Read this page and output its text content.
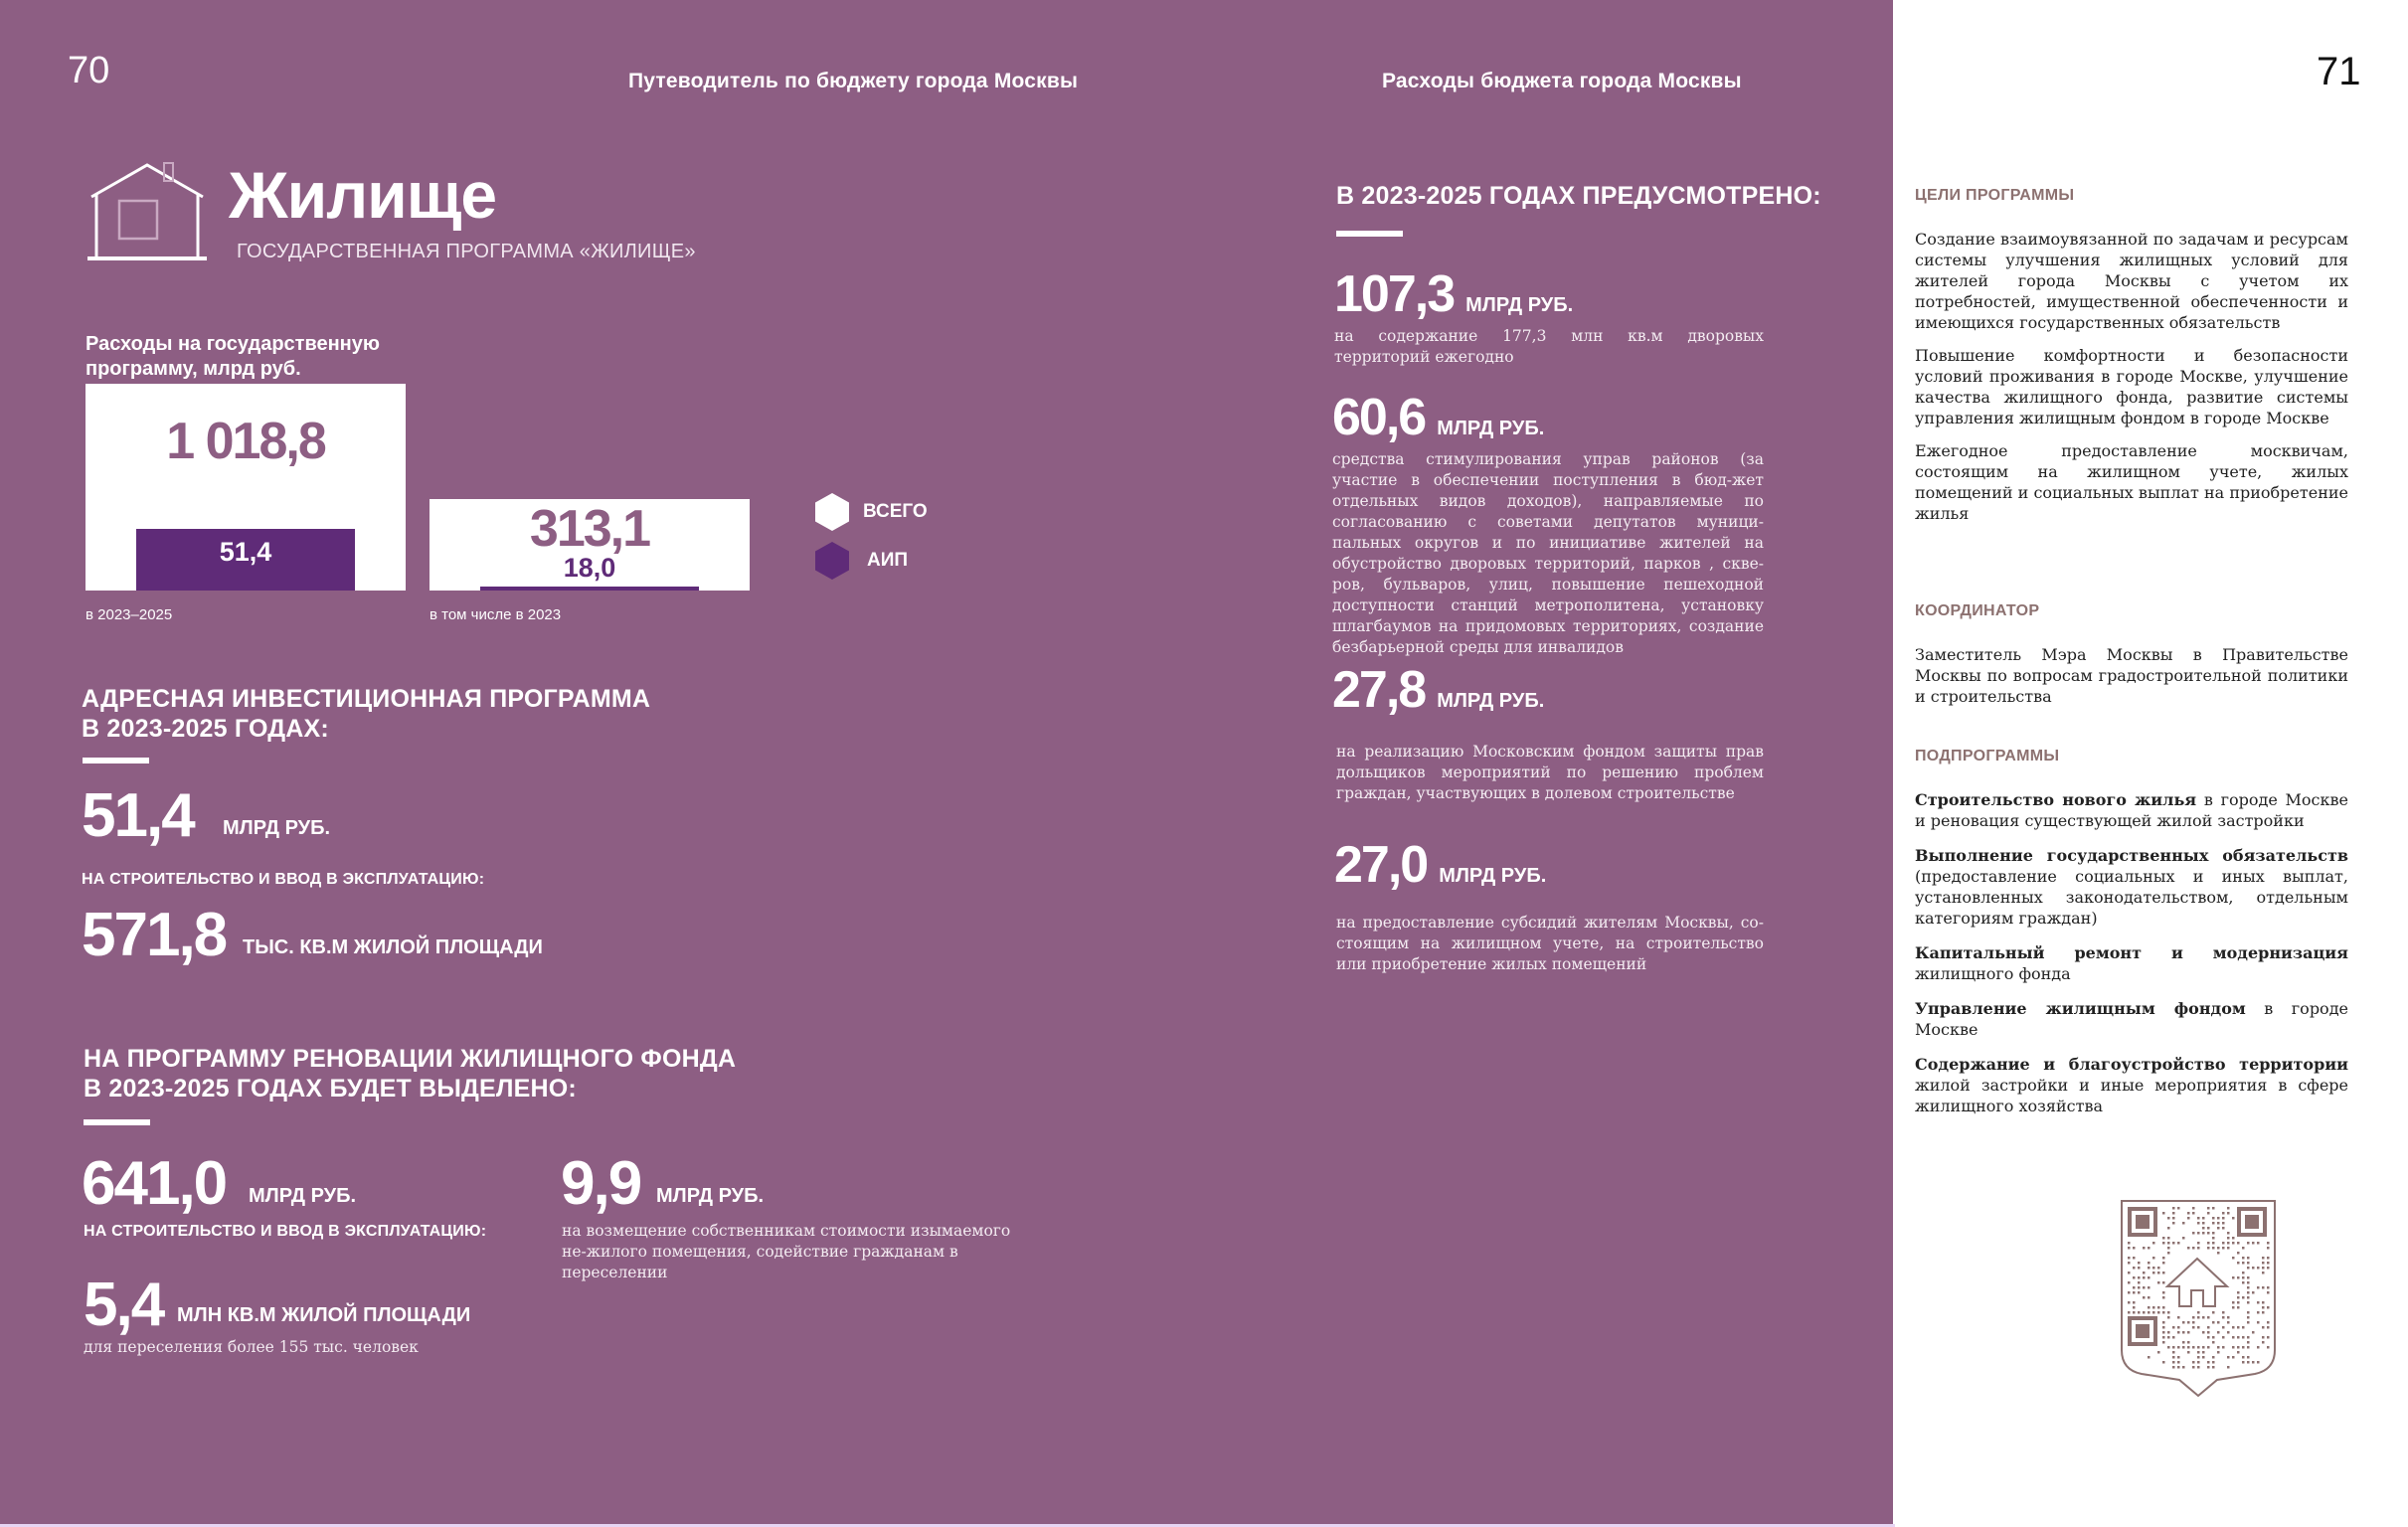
70	Путеводитель по бюджету города Москвы	Расходы бюджета города Москвы
Жилище
ГОСУДАРСТВЕННАЯ ПРОГРАММА «ЖИЛИЩЕ»
Расходы на государственную программу, млрд руб.
1 018,8
51,4	313,1
18,0
в 2023–2025	в том числе в 2023
ВСЕГО
АИП
АДРЕСНАЯ ИНВЕСТИЦИОННАЯ ПРОГРАММА
В 2023-2025 ГОДАХ:
51,4 МЛРД РУБ.
НА СТРОИТЕЛЬСТВО И ВВОД В ЭКСПЛУАТАЦИЮ:
571,8 ТЫС. КВ.М ЖИЛОЙ ПЛОЩАДИ
НА ПРОГРАММУ РЕНОВАЦИИ ЖИЛИЩНОГО ФОНДА
В 2023-2025 ГОДАХ БУДЕТ ВЫДЕЛЕНО:
641,0 МЛРД РУБ.
НА СТРОИТЕЛЬСТВО И ВВОД В ЭКСПЛУАТАЦИЮ:
9,9 МЛРД РУБ.
на возмещение собственникам стоимости изымаемого не-жилого помещения, содействие гражданам в переселении
5,4 МЛН КВ.М ЖИЛОЙ ПЛОЩАДИ
для переселения более 155 тыс. человек
В 2023-2025 ГОДАХ ПРЕДУСМОТРЕНО:
107,3 МЛРД РУБ.
на содержание 177,3 млн кв.м дворовых территорий ежегодно
60,6 МЛРД РУБ.
средства стимулирования управ районов (за участие в обеспечении поступления в бюд-жет отдельных видов доходов), направляемые по согласованию с советами депутатов муници-пальных округов и по инициативе жителей на обустройство дворовых территорий, парков , скве-ров, бульваров, улиц, повышение пешеходной доступности станций метрополитена, установку шлагбаумов на придомовых территориях, создание безбарьерной среды для инвалидов
27,8 МЛРД РУБ.
на реализацию Московским фондом защиты прав дольщиков мероприятий по решению проблем граждан, участвующих в долевом строительстве
27,0 МЛРД РУБ.
на предоставление субсидий жителям Москвы, со-стоящим на жилищном учете, на строительство или приобретение жилых помещений
71
ЦЕЛИ ПРОГРАММЫ
Создание взаимоувязанной по задачам и ресурсам системы улучшения жилищных условий для жителей города Москвы с учетом их потребностей, имущественной обеспеченности и имеющихся государственных обязательств
Повышение комфортности и безопасности условий проживания в городе Москве, улучшение качества жилищного фонда, развитие системы управления жилищным фондом в городе Москве
Ежегодное предоставление москвичам, состоящим на жилищном учете, жилых помещений и социальных выплат на приобретение жилья
КООРДИНАТОР
Заместитель Мэра Москвы в Правительстве Москвы по вопросам градостроительной политики и строительства
ПОДПРОГРАММЫ
Строительство нового жилья в городе Москве и реновация существующей жилой застройки
Выполнение государственных обязательств (предоставление социальных и иных выплат, установленных законодательством, отдельным категориям граждан)
Капитальный ремонт и модернизация жилищного фонда
Управление жилищным фондом в городе Москве
Содержание и благоустройство территории жилой застройки и иные мероприятия в сфере жилищного хозяйства
